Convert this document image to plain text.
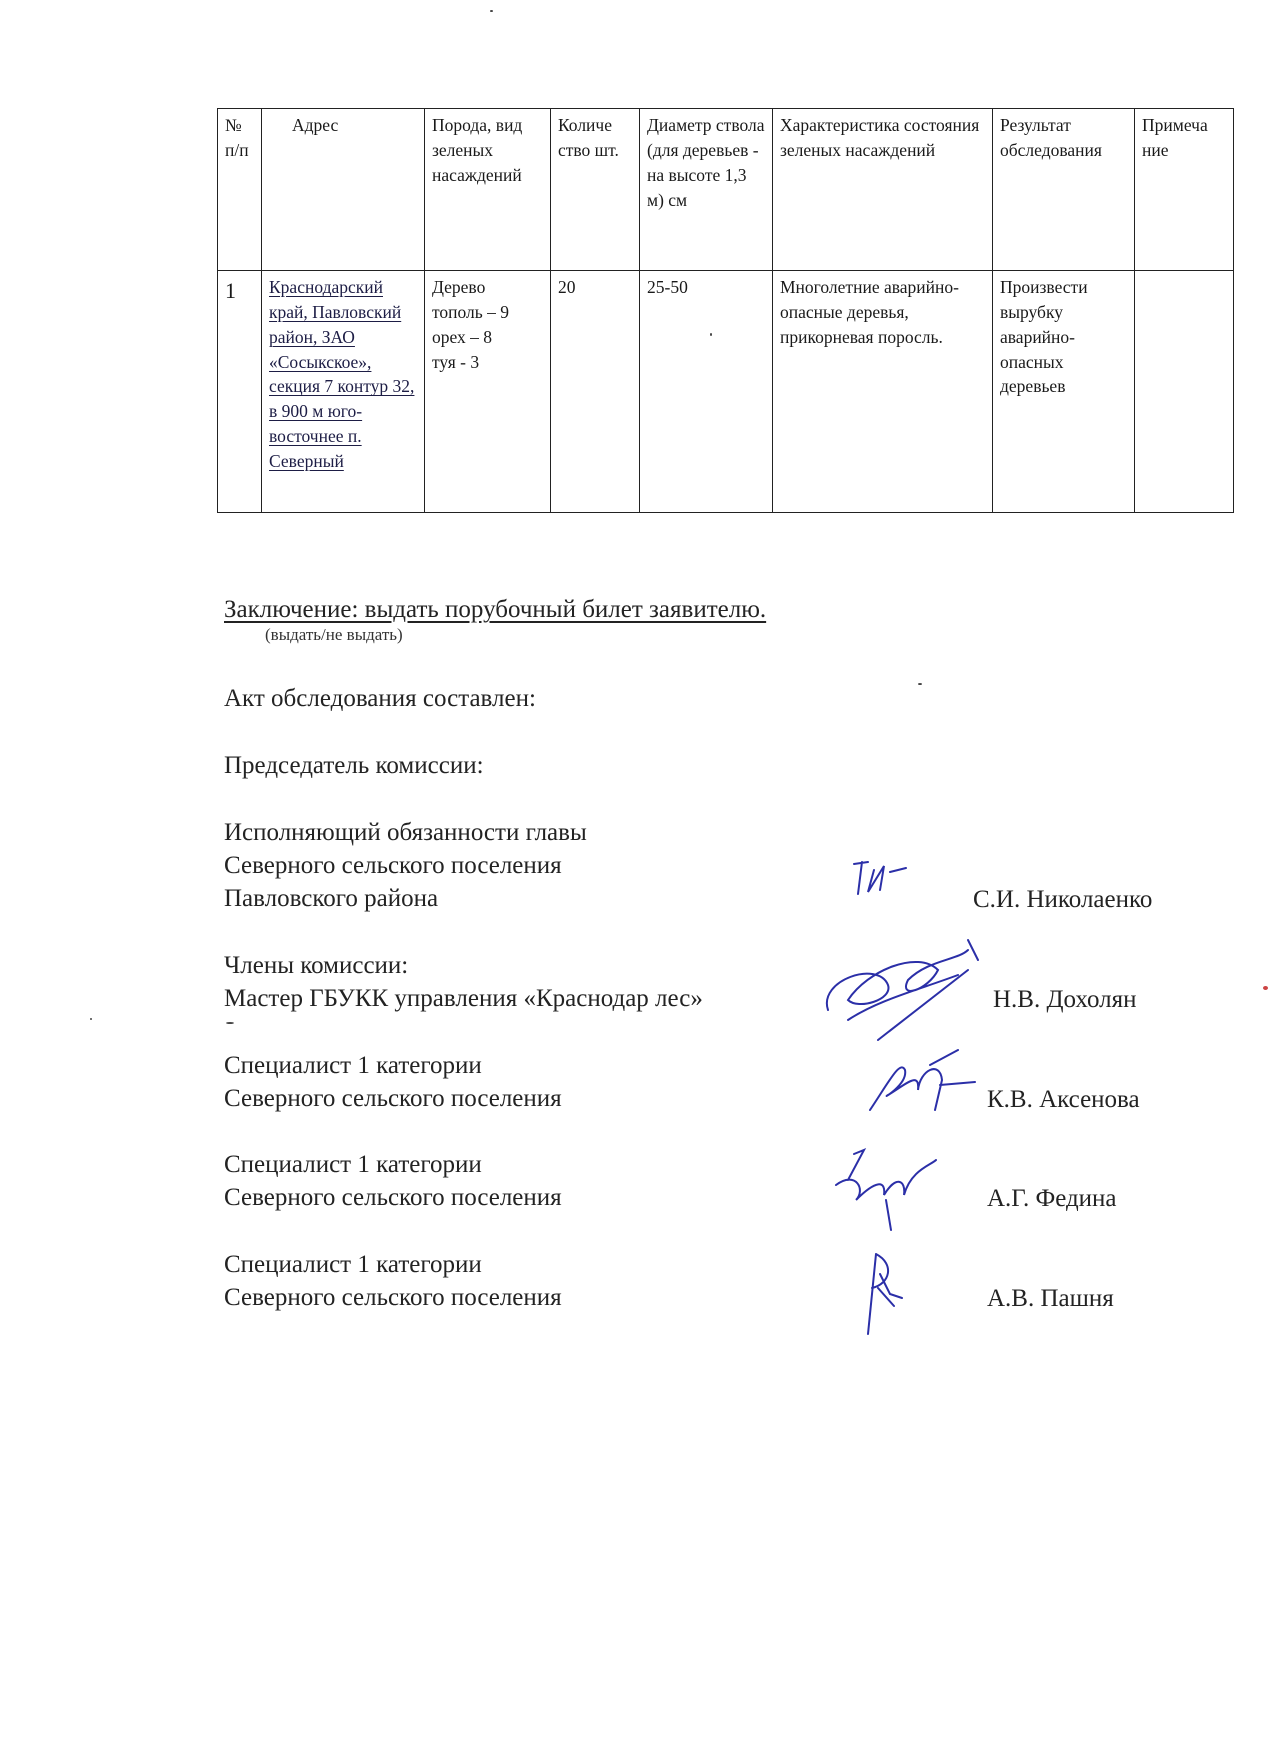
№ п/п	Адрес	Порода, вид зеленых насаждений	Количе ство шт.	Диаметр ствола (для деревьев - на высоте 1,3 м) см	Характеристика состояния зеленых насаждений	Результат обследования	Примеча ние
1	Краснодарский край, Павловский район, ЗАО «Сосыкское», секция 7 контур 32, в 900 м юго-восточнее п. Северный	Дерево
тополь – 9
орех – 8
туя - 3	20	25-50	Многолетние аварийно-опасные деревья, прикорневая поросль.	Произвести вырубку аварийно-опасных деревьев	
Заключение: выдать порубочный билет заявителю.
(выдать/не выдать)
Акт обследования составлен:
Председатель комиссии:
Исполняющий обязанности главы
Северного сельского поселения
Павловского района	С.И. Николаенко
Члены комиссии:
Мастер ГБУКК управления «Краснодар лес»	Н.В. Дохолян
Специалист 1 категории
Северного сельского поселения	К.В. Аксенова
Специалист 1 категории
Северного сельского поселения	А.Г. Федина
Специалист 1 категории
Северного сельского поселения	А.В. Пашня
